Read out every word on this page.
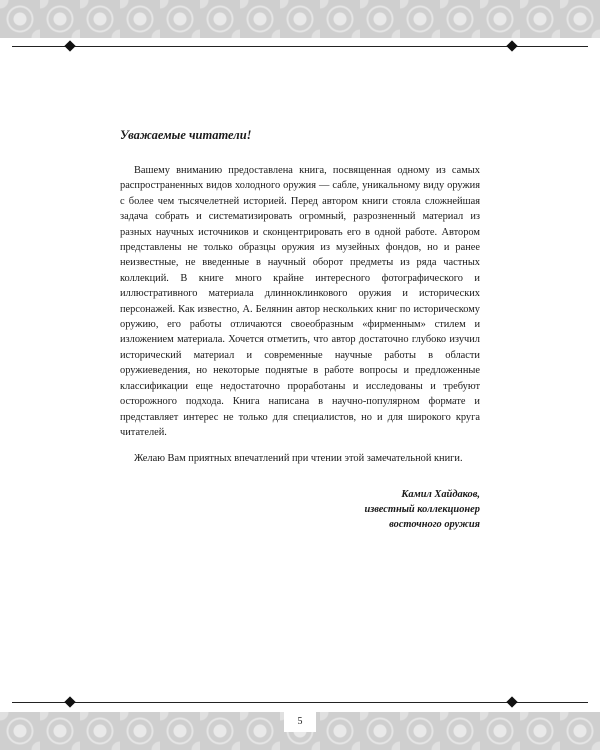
Уважаемые читатели!

Вашему вниманию предоставлена книга, посвященная одному из самых распространенных видов холодного оружия — сабле, уникальному виду оружия с более чем тысячелетней историей. Перед автором книги стояла сложнейшая задача собрать и систематизировать огромный, разрозненный материал из разных научных источников и сконцентрировать его в одной работе. Автором представлены не только образцы оружия из музейных фондов, но и ранее неизвестные, не введенные в научный оборот предметы из ряда частных коллекций. В книге много крайне интересного фотографического и иллюстративного материала длинноклинкового оружия и исторических персонажей. Как известно, А. Белянин автор нескольких книг по историческому оружию, его работы отличаются своеобразным «фирменным» стилем и изложением материала. Хочется отметить, что автор достаточно глубоко изучил исторический материал и современные научные работы в области оружиеведения, но некоторые поднятые в работе вопросы и предложенные классификации еще недостаточно проработаны и исследованы и требуют осторожного подхода. Книга написана в научно-популярном формате и представляет интерес не только для специалистов, но и для широкого круга читателей.

Желаю Вам приятных впечатлений при чтении этой замечательной книги.

Камил Хайдаков,
известный коллекционер
восточного оружия
5
